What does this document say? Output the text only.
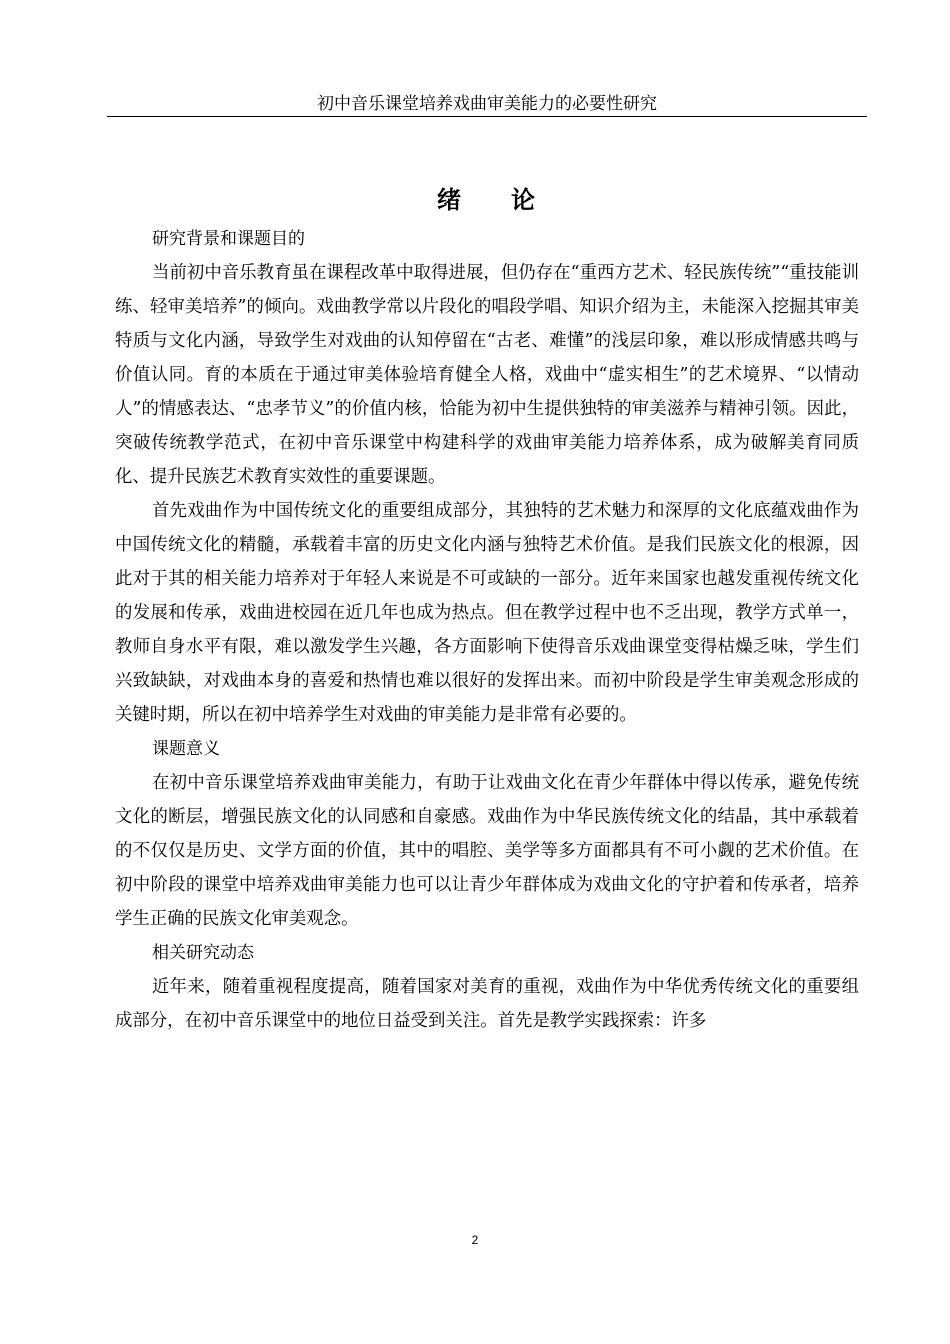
初中音乐课堂培养戏曲审美能力的必要性研究
绪 论

研究背景和课题目的

当前初中音乐教育虽在课程改革中取得进展，但仍存在“重西方艺术、轻民族传统”“重技能训练、轻审美培养”的倾向。戏曲教学常以片段化的唱段学唱、知识介绍为主，未能深入挖掘其审美特质与文化内涵，导致学生对戏曲的认知停留在“古老、难懂”的浅层印象，难以形成情感共鸣与价值认同。育的本质在于通过审美体验培育健全人格，戏曲中“虚实相生”的艺术境界、“以情动人”的情感表达、“忠孝节义”的价值内核，恰能为初中生提供独特的审美滋养与精神引领。因此，突破传统教学范式，在初中音乐课堂中构建科学的戏曲审美能力培养体系，成为破解美育同质化、提升民族艺术教育实效性的重要课题。

首先戏曲作为中国传统文化的重要组成部分，其独特的艺术魅力和深厚的文化底蕴戏曲作为中国传统文化的精髓，承载着丰富的历史文化内涵与独特艺术价值。是我们民族文化的根源，因此对于其的相关能力培养对于年轻人来说是不可或缺的一部分。近年来国家也越发重视传统文化的发展和传承，戏曲进校园在近几年也成为热点。但在教学过程中也不乏出现，教学方式单一，教师自身水平有限，难以激发学生兴趣，各方面影响下使得音乐戏曲课堂变得枯燥乏味，学生们兴致缺缺，对戏曲本身的喜爱和热情也难以很好的发挥出来。而初中阶段是学生审美观念形成的关键时期，所以在初中培养学生对戏曲的审美能力是非常有必要的。

课题意义

在初中音乐课堂培养戏曲审美能力，有助于让戏曲文化在青少年群体中得以传承，避免传统文化的断层，增强民族文化的认同感和自豪感。戏曲作为中华民族传统文化的结晶，其中承载着的不仅仅是历史、文学方面的价值，其中的唱腔、美学等多方面都具有不可小觑的艺术价值。在初中阶段的课堂中培养戏曲审美能力也可以让青少年群体成为戏曲文化的守护着和传承者，培养学生正确的民族文化审美观念。

相关研究动态

近年来，随着重视程度提高，随着国家对美育的重视，戏曲作为中华优秀传统文化的重要组成部分，在初中音乐课堂中的地位日益受到关注。首先是教学实践探索：许多

2
